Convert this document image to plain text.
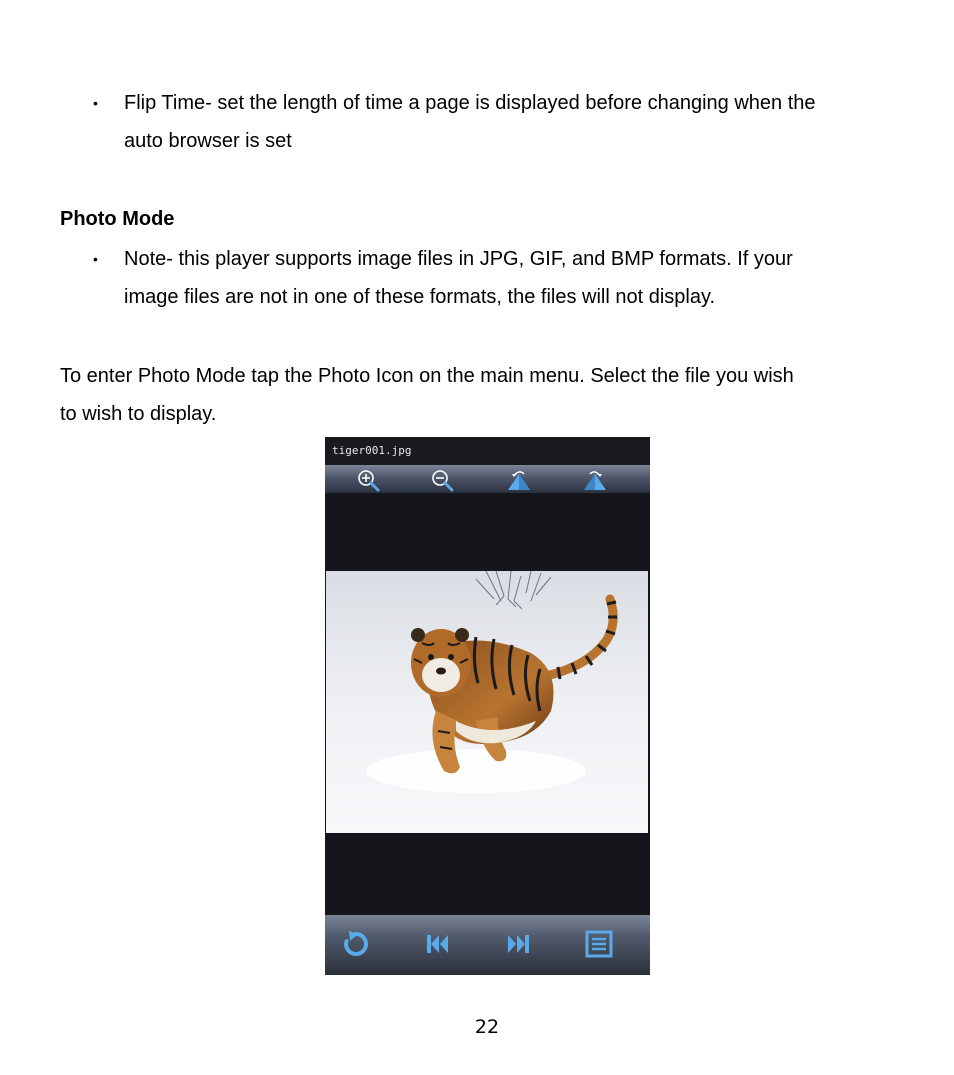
• Flip Time- set the length of time a page is displayed before changing when the

auto browser is set

Photo Mode

• Note- this player supports image files in JPG, GIF, and BMP formats. If your

image files are not in one of these formats, the files will not display.

To enter Photo Mode tap the Photo Icon on the main menu. Select the file you wish

to wish to display.

tiger001.jpg
22
